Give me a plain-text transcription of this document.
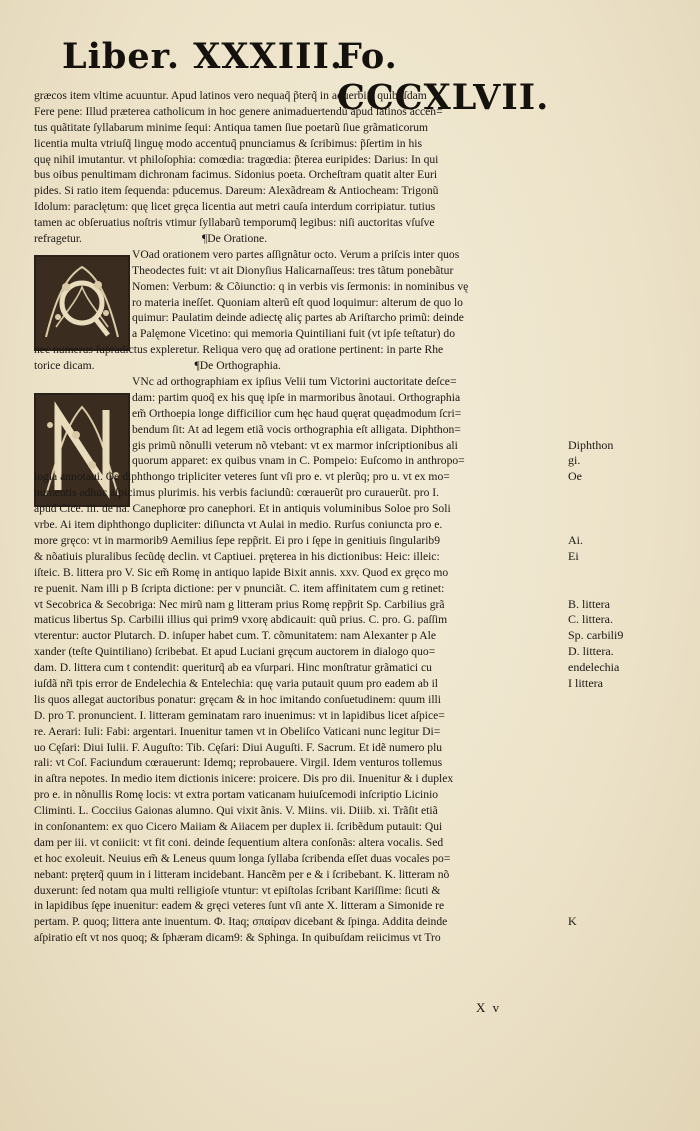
Liber. XXXIII.
Fo. CCCXLVII.
græcos item vltime acuuntur. Apud latinos vero nequaq̃ p̃terq̃ in aduerbiis quibuſdam
Fere pene: Illud præterea catholicum in hoc genere animaduertendũ apud latinos accen=
tus quãtitate ſyllabarum minime ſequi: Antiqua tamen ſiue poetarũ ſiue grãmaticorum
licentia multa vtriuſq̃ linguę modo accentuq̃ pnunciamus & ſcribimus: p̃ſertim in his
quę nihil imutantur. vt philoſophia: comœdia: tragœdia: p̃terea euripides: Darius: In qui
bus oibus penultimam dichronam facimus. Sidonius poeta. Orcheſtram quatit alter Euri
pides. Si ratio item ſequenda: pducemus. Dareum: Alexãdream & Antiocheam: Trigonũ
Idolum: paraclętum: quę licet gręca licentia aut metri cauſa interdum corripiatur. tutius
tamen ac obſeruatius noſtris vtimur ſyllabarũ temporumq̃ legibus: niſi auctoritas vſuſve
refragetur.	¶De Oratione.
VOad orationem vero partes aſſignãtur octo. Verum a priſcis inter quos
Theodectes fuit: vt ait Dionyſius Halicarnaſſeus: tres tãtum ponebãtur
Nomen: Verbum: & Cõiunctio: q in verbis vis ſermonis: in nominibus vę
ro materia ineſſet. Quoniam alterũ eſt quod loquimur: alterum de quo lo
quimur: Paulatim deinde adiectę aliç partes ab Ariſtarcho primũ: deinde
a Palęmone Vicetino: qui memoria Quintiliani fuit (vt ipſe teſtatur) do
nec numerus ſupradictus expleretur. Reliqua vero quę ad oratione pertinent: in parte Rhe
torice dicam.	¶De Orthographia.
VNc ad orthographiam ex ipſius Velii tum Victorini auctoritate deſce=
dam: partim quoq̃ ex his quę ipſe in marmoribus ãnotaui. Orthographia
em̃ Orthoepia longe difficilior cum hęc haud quęrat quęadmodum ſcri=
bendum ſit: At ad legem etiã vocis orthographia eſt alligata. Diphthon=
gis primũ nõnulli veterum nõ vtebant: vt ex marmor inſcriptionibus ali
quorum apparet: ex quibus vnam in C. Pompeio: Euſcomo in anthropo=
logia annotaui. Oe diphthongo tripliciter veteres ſunt vſi pro e. vt plerũq; pro u. vt ex mo=
numentis adhuc aſpicimus plurimis. his verbis faciundũ: cœrauerũt pro curauerũt. pro I.
apud Cice. iii. de na. Canephorœ pro canephori. Et in antiquis voluminibus Soloe pro Soli
vrbe. Ai item diphthongo dupliciter: diſiuncta vt Aulai in medio. Rurſus coniuncta pro e.
more gręco: vt in marmorib9 Aemilius ſepe repp̃rit. Ei pro i ſępe in genitiuis ſingularib9
& nõatiuis pluralibus ſecũdę declin. vt Captiuei. pręterea in his dictionibus: Heic: illeic:
iſteic. B. littera pro V. Sic em̃ Romę in antiquo lapide Bixit annis. xxv. Quod ex gręco mo
re puenit. Nam illi p B ſcripta dictione: per v pnunciãt. C. item affinitatem cum g retinet:
vt Secobrica & Secobriga: Nec mirũ nam g litteram prius Romę repp̃rit Sp. Carbilius grã
maticus libertus Sp. Carbilii illius qui prim9 vxorę abdicauit: quũ prius. C. pro. G. paſſim
vterentur: auctor Plutarch. D. inſuper habet cum. T. cõmunitatem: nam Alexanter p Ale
xander (teſte Quintiliano) ſcribebat. Et apud Luciani gręcum auctorem in dialogo quo=
dam. D. littera cum t contendit: queriturq̃ ab ea vſurpari. Hinc monſtratur grãmatici cu
iuſdã nr̃i tpis error de Endelechia & Entelechia: quę varia putauit quum pro eadem ab il
lis quos allegat auctoribus ponatur: gręcam & in hoc imitando conſuetudinem: quum illi
D. pro T. pronuncient. I. litteram geminatam raro inuenimus: vt in lapidibus licet aſpice=
re. Aerari: Iuli: Fabi: argentari. Inuenitur tamen vt in Obeliſco Vaticani nunc legitur Di=
uo Cęſari: Diui Iulii. F. Auguſto: Tib. Cęſari: Diui Auguſti. F. Sacrum. Et idẽ numero plu
rali: vt Coſ. Faciundum cœrauerunt: Idemq; reprobauere. Virgil. Idem venturos tollemus
in aſtra nepotes. In medio item dictionis inicere: proicere. Dis pro dii. Inuenitur & i duplex
pro e. in nõnullis Romę locis: vt extra portam vaticanam huiuſcemodi inſcriptio Licinio
Climinti. L. Cocciius Gaionas alumno. Qui vixit ãnis. V. Miins. vii. Diiib. xi. Trãſit etiã
in conſonantem: ex quo Cicero Maiiam & Aiiacem per duplex ii. ſcribẽdum putauit: Qui
dam per iii. vt coniicit: vt fit coni. deinde ſequentium altera conſonãs: altera vocalis. Sed
et hoc exoleuit. Neuius em̃ & Leneus quum longa ſyllaba ſcribenda eſſet duas vocales po=
nebant: pręterq̃ quum in i litteram incidebant. Hancẽm per e & i ſcribebant. K. litteram nõ
duxerunt: ſed notam qua multi relligioſe vtuntur: vt epiſtolas ſcribant Kariſſime: ſicuti &
in lapidibus ſępe inuenitur: eadem & gręci veteres ſunt vſi ante X. litteram a Simonide re
pertam. P. quoq; littera ante inuentum. Φ. Itaq; σπαίραν dicebant & ſpinga. Addita deinde
aſpiratio eſt vt nos quoq; & ſphæram dicam9: & Sphinga. In quibuſdam reiicimus vt Tro
Diphthon
gi.
Oe
Ai.
Ei
B. littera
C. littera.
Sp. carbili9
D. littera.
endelechia
I littera
K
X v
